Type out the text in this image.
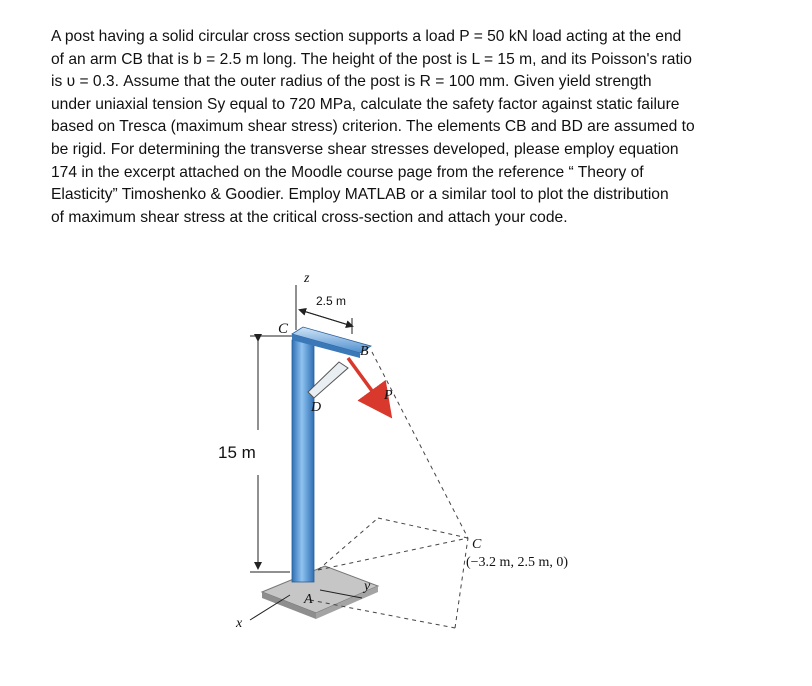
A post having a solid circular cross section supports a load P = 50 kN load acting at the end
of an arm CB that is b = 2.5 m long. The height of the post is L = 15 m, and its Poisson's ratio
is υ = 0.3. Assume that the outer radius of the post is R = 100 mm. Given yield strength
under uniaxial tension Sy equal to 720 MPa, calculate the safety factor against static failure
based on Tresca (maximum shear stress) criterion. The elements CB and BD are assumed to
be rigid. For determining the transverse shear stresses developed, please employ equation
174 in the excerpt attached on the Moodle course page from the reference “ Theory of
Elasticity” Timoshenko & Goodier. Employ MATLAB or a similar tool to plot the distribution
of maximum shear stress at the critical cross-section and attach your code.
z
2.5 m
C
B
D
P
15 m
C
(−3.2 m, 2.5 m, 0)
y
A
x
